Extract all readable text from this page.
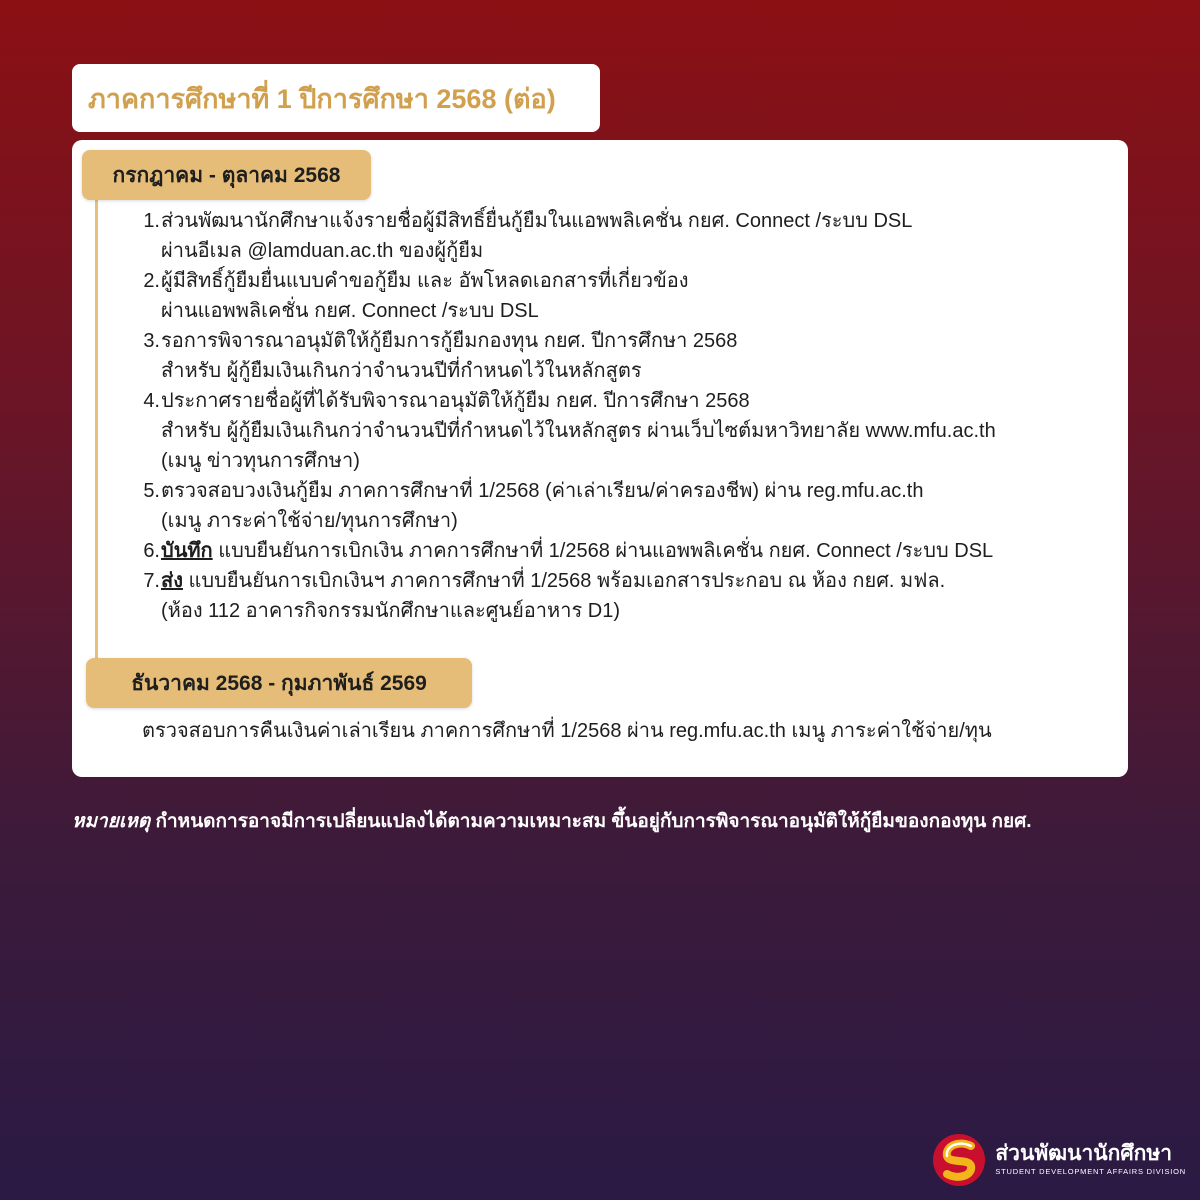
ภาคการศึกษาที่ 1 ปีการศึกษา 2568 (ต่อ)
กรกฎาคม - ตุลาคม 2568
1. ส่วนพัฒนานักศึกษาแจ้งรายชื่อผู้มีสิทธิ์ยื่นกู้ยืมในแอพพลิเคชั่น กยศ. Connect /ระบบ DSL
ผ่านอีเมล @lamduan.ac.th ของผู้กู้ยืม
2. ผู้มีสิทธิ์กู้ยืมยื่นแบบคำขอกู้ยืม และ อัพโหลดเอกสารที่เกี่ยวข้อง
ผ่านแอพพลิเคชั่น กยศ. Connect /ระบบ DSL
3. รอการพิจารณาอนุมัติให้กู้ยืมการกู้ยืมกองทุน กยศ. ปีการศึกษา 2568
สำหรับ ผู้กู้ยืมเงินเกินกว่าจำนวนปีที่กำหนดไว้ในหลักสูตร
4. ประกาศรายชื่อผู้ที่ได้รับพิจารณาอนุมัติให้กู้ยืม กยศ. ปีการศึกษา 2568
สำหรับ ผู้กู้ยืมเงินเกินกว่าจำนวนปีที่กำหนดไว้ในหลักสูตร ผ่านเว็บไซต์มหาวิทยาลัย www.mfu.ac.th
(เมนู ข่าวทุนการศึกษา)
5. ตรวจสอบวงเงินกู้ยืม ภาคการศึกษาที่ 1/2568 (ค่าเล่าเรียน/ค่าครองชีพ) ผ่าน reg.mfu.ac.th
(เมนู ภาระค่าใช้จ่าย/ทุนการศึกษา)
6. บันทึก แบบยืนยันการเบิกเงิน ภาคการศึกษาที่ 1/2568 ผ่านแอพพลิเคชั่น กยศ. Connect /ระบบ DSL
7. ส่ง แบบยืนยันการเบิกเงินฯ ภาคการศึกษาที่ 1/2568 พร้อมเอกสารประกอบ ณ ห้อง กยศ. มฟล.
(ห้อง 112 อาคารกิจกรรมนักศึกษาและศูนย์อาหาร D1)
ธันวาคม 2568 - กุมภาพันธ์ 2569
ตรวจสอบการคืนเงินค่าเล่าเรียน ภาคการศึกษาที่ 1/2568 ผ่าน reg.mfu.ac.th เมนู ภาระค่าใช้จ่าย/ทุน
หมายเหตุ กำหนดการอาจมีการเปลี่ยนแปลงได้ตามความเหมาะสม ขึ้นอยู่กับการพิจารณาอนุมัติให้กู้ยืมของกองทุน กยศ.
ส่วนพัฒนานักศึกษา
STUDENT DEVELOPMENT AFFAIRS DIVISION
